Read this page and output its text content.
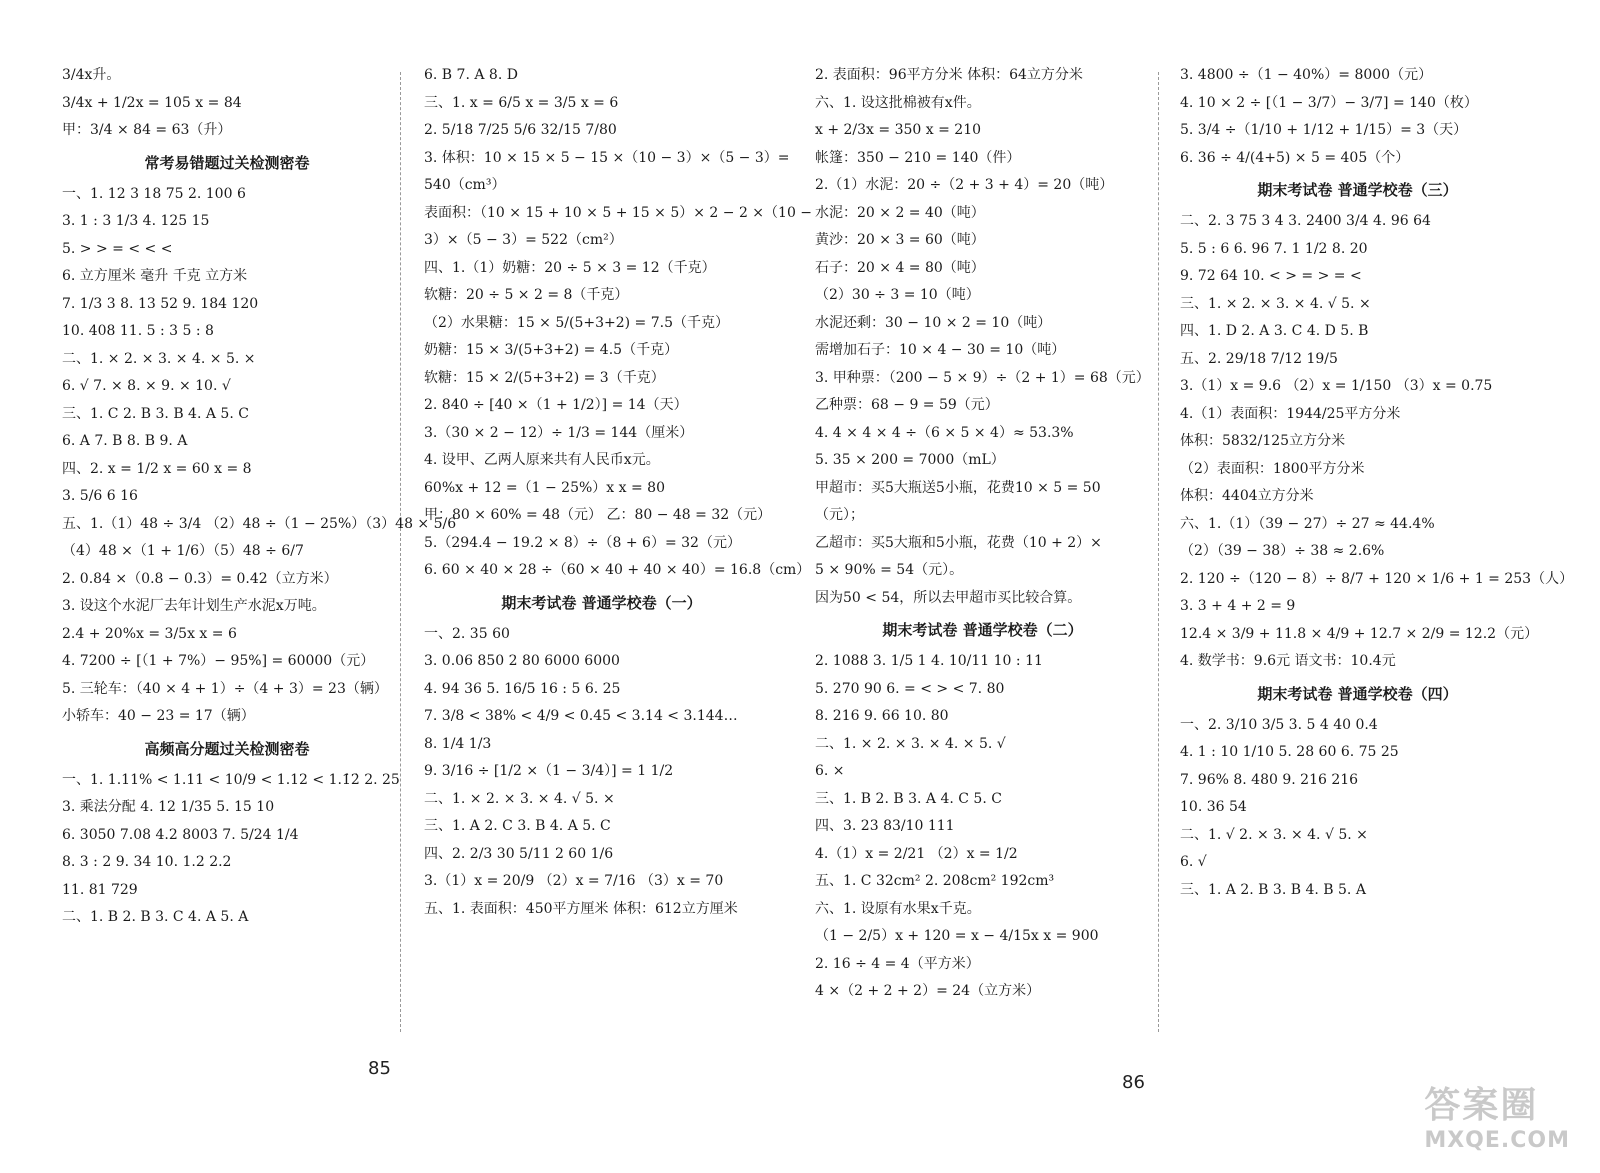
3/4x升。
3/4x + 1/2x = 105 x = 84
甲：3/4 × 84 = 63（升）
常考易错题过关检测密卷
一、1. 12 3 18 75 2. 100 6
3. 1 : 3 1/3 4. 125 15
5. > > = < < <
6. 立方厘米 毫升 千克 立方米
7. 1/3 3 8. 13 52 9. 184 120
10. 408 11. 5 : 3 5 : 8
二、1. × 2. × 3. × 4. × 5. ×
6. √ 7. × 8. × 9. × 10. √
三、1. C 2. B 3. B 4. A 5. C
6. A 7. B 8. B 9. A
四、2. x = 1/2 x = 60 x = 8
3. 5/6 6 16
五、1.（1）48 ÷ 3/4 （2）48 ÷（1 − 25%）（3）48 × 5/6
（4）48 ×（1 + 1/6）（5）48 ÷ 6/7
2. 0.84 ×（0.8 − 0.3）= 0.42（立方米）
3. 设这个水泥厂去年计划生产水泥x万吨。
2.4 + 20%x = 3/5x x = 6
4. 7200 ÷ [（1 + 7%）− 95%] = 60000（元）
5. 三轮车：（40 × 4 + 1）÷（4 + 3）= 23（辆）
小轿车：40 − 23 = 17（辆）
高频高分题过关检测密卷
一、1. 1.11% < 1.11 < 10/9 < 1.12 < 1.1̇2̇ 2. 25
3. 乘法分配 4. 12 1/35 5. 15 10
6. 3050 7.08 4.2 8003 7. 5/24 1/4
8. 3 : 2 9. 34 10. 1.2 2.2
11. 81 729
二、1. B 2. B 3. C 4. A 5. A
6. B 7. A 8. D
三、1. x = 6/5 x = 3/5 x = 6
2. 5/18 7/25 5/6 32/15 7/80
3. 体积：10 × 15 × 5 − 15 ×（10 − 3）×（5 − 3）=
540（cm³）
表面积：（10 × 15 + 10 × 5 + 15 × 5）× 2 − 2 ×（10 −
3）×（5 − 3）= 522（cm²）
四、1.（1）奶糖：20 ÷ 5 × 3 = 12（千克）
软糖：20 ÷ 5 × 2 = 8（千克）
（2）水果糖：15 × 5/(5+3+2) = 7.5（千克）
奶糖：15 × 3/(5+3+2) = 4.5（千克）
软糖：15 × 2/(5+3+2) = 3（千克）
2. 840 ÷ [40 ×（1 + 1/2）] = 14（天）
3.（30 × 2 − 12）÷ 1/3 = 144（厘米）
4. 设甲、乙两人原来共有人民币x元。
60%x + 12 =（1 − 25%）x x = 80
甲：80 × 60% = 48（元） 乙：80 − 48 = 32（元）
5.（294.4 − 19.2 × 8）÷（8 + 6）= 32（元）
6. 60 × 40 × 28 ÷（60 × 40 + 40 × 40）= 16.8（cm）
期末考试卷 普通学校卷（一）
一、2. 35 60
3. 0.06 850 2 80 6000 6000
4. 94 36 5. 16/5 16 : 5 6. 25
7. 3/8 < 38% < 4/9 < 0.45 < 3.14 < 3.144…
8. 1/4 1/3
9. 3/16 ÷ [1/2 ×（1 − 3/4）] = 1 1/2
二、1. × 2. × 3. × 4. √ 5. ×
三、1. A 2. C 3. B 4. A 5. C
四、2. 2/3 30 5/11 2 60 1/6
3.（1）x = 20/9 （2）x = 7/16 （3）x = 70
五、1. 表面积：450平方厘米 体积：612立方厘米
2. 表面积：96平方分米 体积：64立方分米
六、1. 设这批棉被有x件。
x + 2/3x = 350 x = 210
帐篷：350 − 210 = 140（件）
2.（1）水泥：20 ÷（2 + 3 + 4）= 20（吨）
水泥：20 × 2 = 40（吨）
黄沙：20 × 3 = 60（吨）
石子：20 × 4 = 80（吨）
（2）30 ÷ 3 = 10（吨）
水泥还剩：30 − 10 × 2 = 10（吨）
需增加石子：10 × 4 − 30 = 10（吨）
3. 甲种票：（200 − 5 × 9）÷（2 + 1）= 68（元）
乙种票：68 − 9 = 59（元）
4. 4 × 4 × 4 ÷（6 × 5 × 4）≈ 53.3%
5. 35 × 200 = 7000（mL）
甲超市：买5大瓶送5小瓶，花费10 × 5 = 50
（元）；
乙超市：买5大瓶和5小瓶，花费（10 + 2）×
5 × 90% = 54（元）。
因为50 < 54，所以去甲超市买比较合算。
期末考试卷 普通学校卷（二）
2. 1088 3. 1/5 1 4. 10/11 10 : 11
5. 270 90 6. = < > < 7. 80
8. 216 9. 66 10. 80
二、1. × 2. × 3. × 4. × 5. √
6. ×
三、1. B 2. B 3. A 4. C 5. C
四、3. 23 83/10 111
4.（1）x = 2/21 （2）x = 1/2
五、1. C 32cm² 2. 208cm² 192cm³
六、1. 设原有水果x千克。
（1 − 2/5）x + 120 = x − 4/15x x = 900
2. 16 ÷ 4 = 4（平方米）
4 ×（2 + 2 + 2）= 24（立方米）
3. 4800 ÷（1 − 40%）= 8000（元）
4. 10 × 2 ÷ [（1 − 3/7）− 3/7] = 140（枚）
5. 3/4 ÷（1/10 + 1/12 + 1/15）= 3（天）
6. 36 ÷ 4/(4+5) × 5 = 405（个）
期末考试卷 普通学校卷（三）
二、2. 3 75 3 4 3. 2400 3/4 4. 96 64
5. 5 : 6 6. 96 7. 1 1/2 8. 20
9. 72 64 10. < > = > = <
三、1. × 2. × 3. × 4. √ 5. ×
四、1. D 2. A 3. C 4. D 5. B
五、2. 29/18 7/12 19/5
3.（1）x = 9.6 （2）x = 1/150 （3）x = 0.75
4.（1）表面积：1944/25平方分米
体积：5832/125立方分米
（2）表面积：1800平方分米
体积：4404立方分米
六、1.（1）（39 − 27）÷ 27 ≈ 44.4%
（2）（39 − 38）÷ 38 ≈ 2.6%
2. 120 ÷（120 − 8）÷ 8/7 + 120 × 1/6 + 1 = 253（人）
3. 3 + 4 + 2 = 9
12.4 × 3/9 + 11.8 × 4/9 + 12.7 × 2/9 = 12.2（元）
4. 数学书：9.6元 语文书：10.4元
期末考试卷 普通学校卷（四）
一、2. 3/10 3/5 3. 5 4 40 0.4
4. 1 : 10 1/10 5. 28 60 6. 75 25
7. 96% 8. 480 9. 216 216
10. 36 54
二、1. √ 2. × 3. × 4. √ 5. ×
6. √
三、1. A 2. B 3. B 4. B 5. A
85
86
答案圈
MXQE.COM
